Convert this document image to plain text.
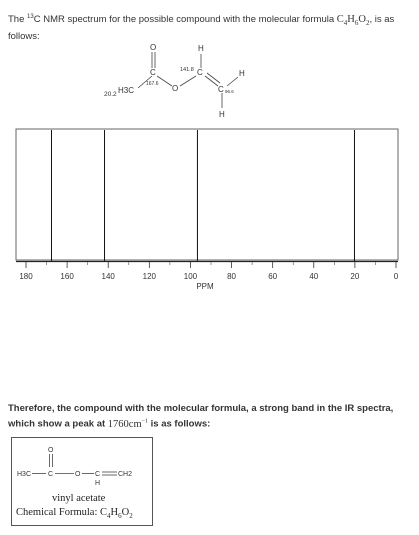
The $^{13}$C NMR spectrum for the possible compound with the molecular formula $C_4H_6O_2$, is as follows:
H3C
O
C
O
C
H
C
H
H
20.2
167.6
141.8
96.6
180	160	140	120	100	80	60	40	20	0
PPM
Therefore, the compound with the molecular formula, a strong band in the IR spectra,
which show a peak at $1760cm^{-1}$ is as follows:
O
H3C C	O C
H
CH2
vinyl acetate
Chemical Formula: $C_4H_6O_2$
